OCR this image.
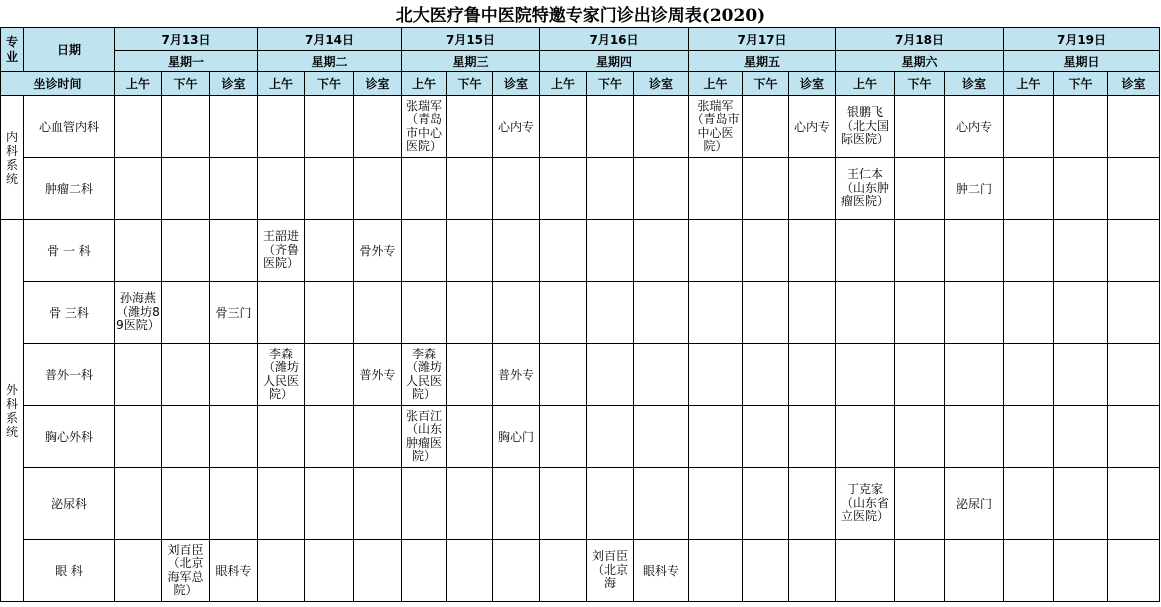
北大医疗鲁中医院特邀专家门诊出诊周表(2020)
专业	日期	7月13日			7月14日			7月15日			7月16日			7月17日			7月18日			7月19日		
		星期一			星期二			星期三			星期四			星期五			星期六			星期日		
坐诊时间		上午	下午	诊室	上午	下午	诊室	上午	下午	诊室	上午	下午	诊室	上午	下午	诊室	上午	下午	诊室	上午	下午	诊室

内科系统	心血管内科							张瑞军（青岛市中心医院）		心内专				张瑞军（青岛市中心医院）		心内专	银鹏飞（北大国际医院）		心内专			
	肿瘤二科																王仁本（山东肿瘤医院）		肿二门			

外科系统	骨 一 科				王韶进（齐鲁医院）		骨外专															
	骨 三科	孙海燕（潍坊89医院）		骨三门																		
	普外一科				李森（潍坊人民医院）		普外专	李森（潍坊人民医院）		普外专												
	胸心外科							张百江（山东肿瘤医院）		胸心门												
	泌尿科																丁克家（山东省立医院）		泌尿门			
	眼 科		刘百臣（北京海军总院）	眼科专								刘百臣（北京海	眼科专									
